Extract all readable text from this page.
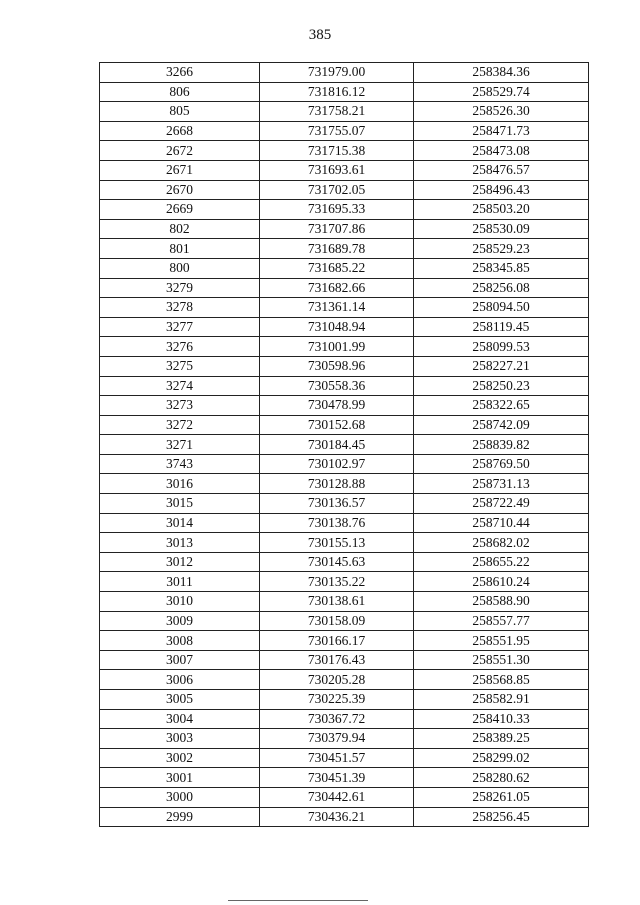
385
3266	731979.00	258384.36
806	731816.12	258529.74
805	731758.21	258526.30
2668	731755.07	258471.73
2672	731715.38	258473.08
2671	731693.61	258476.57
2670	731702.05	258496.43
2669	731695.33	258503.20
802	731707.86	258530.09
801	731689.78	258529.23
800	731685.22	258345.85
3279	731682.66	258256.08
3278	731361.14	258094.50
3277	731048.94	258119.45
3276	731001.99	258099.53
3275	730598.96	258227.21
3274	730558.36	258250.23
3273	730478.99	258322.65
3272	730152.68	258742.09
3271	730184.45	258839.82
3743	730102.97	258769.50
3016	730128.88	258731.13
3015	730136.57	258722.49
3014	730138.76	258710.44
3013	730155.13	258682.02
3012	730145.63	258655.22
3011	730135.22	258610.24
3010	730138.61	258588.90
3009	730158.09	258557.77
3008	730166.17	258551.95
3007	730176.43	258551.30
3006	730205.28	258568.85
3005	730225.39	258582.91
3004	730367.72	258410.33
3003	730379.94	258389.25
3002	730451.57	258299.02
3001	730451.39	258280.62
3000	730442.61	258261.05
2999	730436.21	258256.45
